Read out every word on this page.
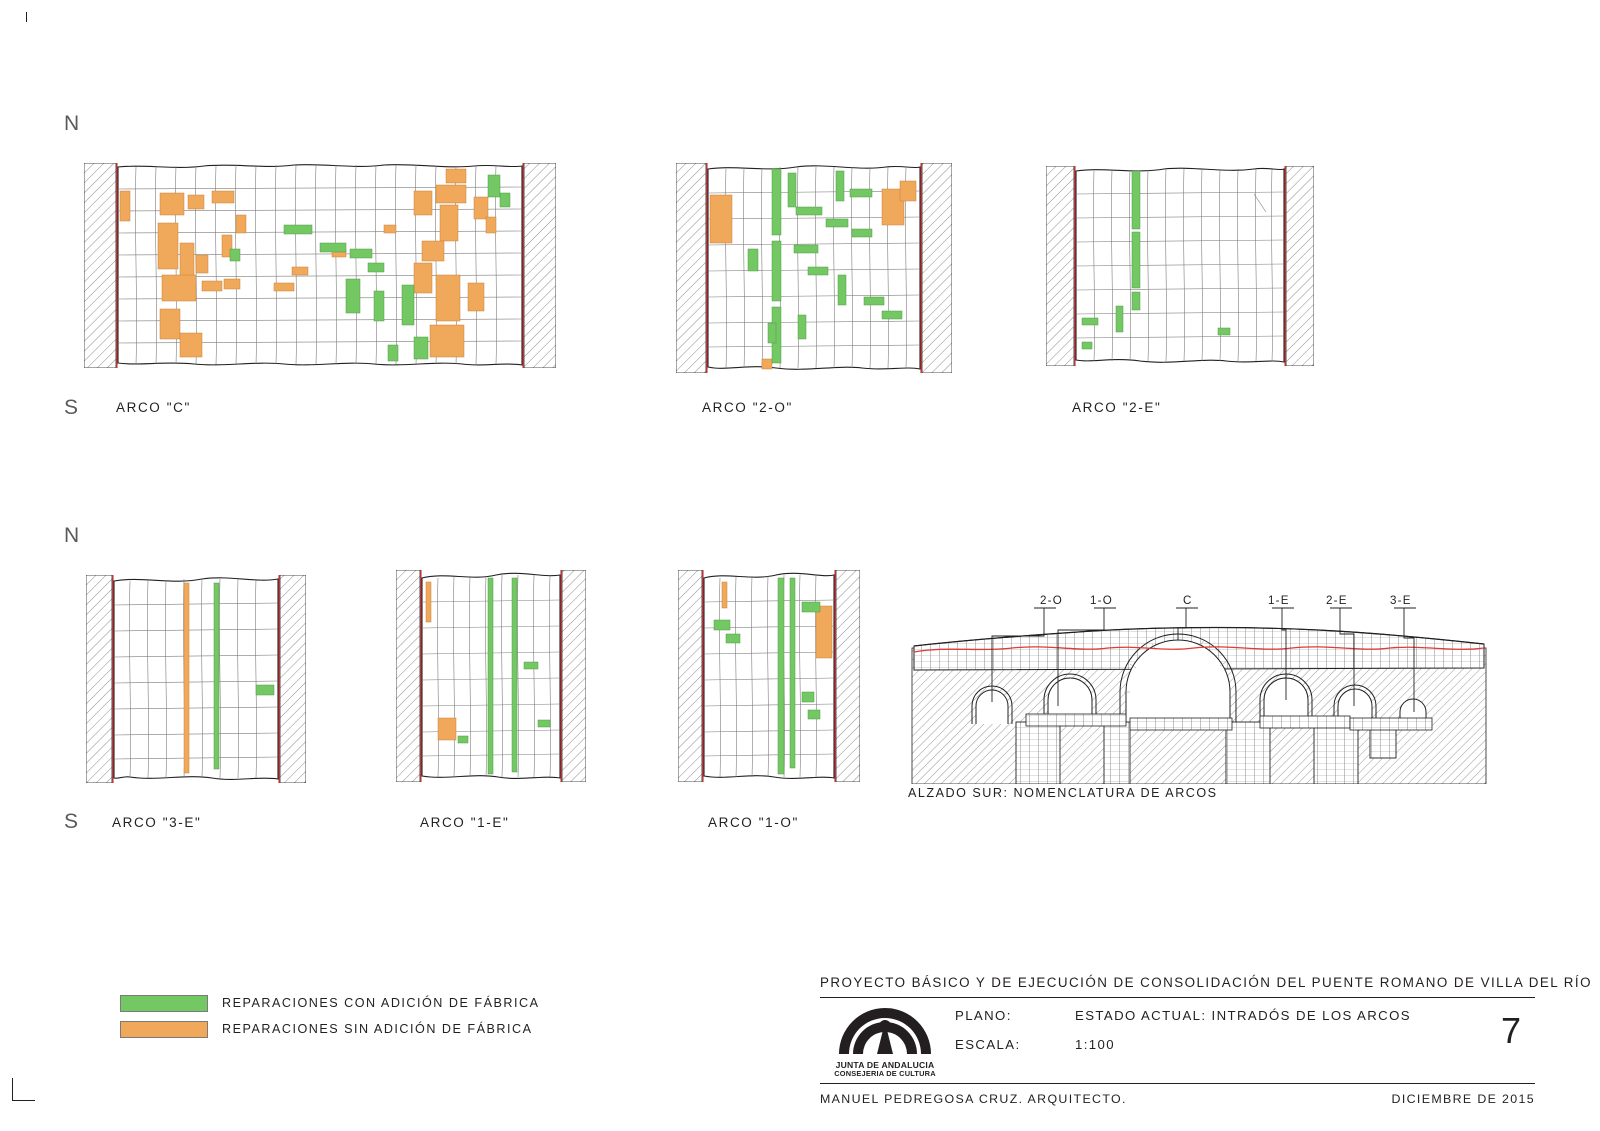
N
S
N
S
ARCO "C"	ARCO "2-O"	ARCO "2-E"
ARCO "3-E"	ARCO "1-E"	ARCO "1-O"
2-O 1-O	C	1-E	2-E	3-E
ALZADO SUR: NOMENCLATURA DE ARCOS
REPARACIONES CON ADICIÓN DE FÁBRICA
REPARACIONES SIN ADICIÓN DE FÁBRICA
PROYECTO BÁSICO Y DE EJECUCIÓN DE CONSOLIDACIÓN DEL PUENTE ROMANO DE VILLA DEL RÍO
JUNTA DE ANDALUCIA
CONSEJERIA DE CULTURA
PLANO:	ESTADO ACTUAL: INTRADÓS DE LOS ARCOS
ESCALA:	1:100	7
MANUEL PEDREGOSA CRUZ. ARQUITECTO.	DICIEMBRE DE 2015
